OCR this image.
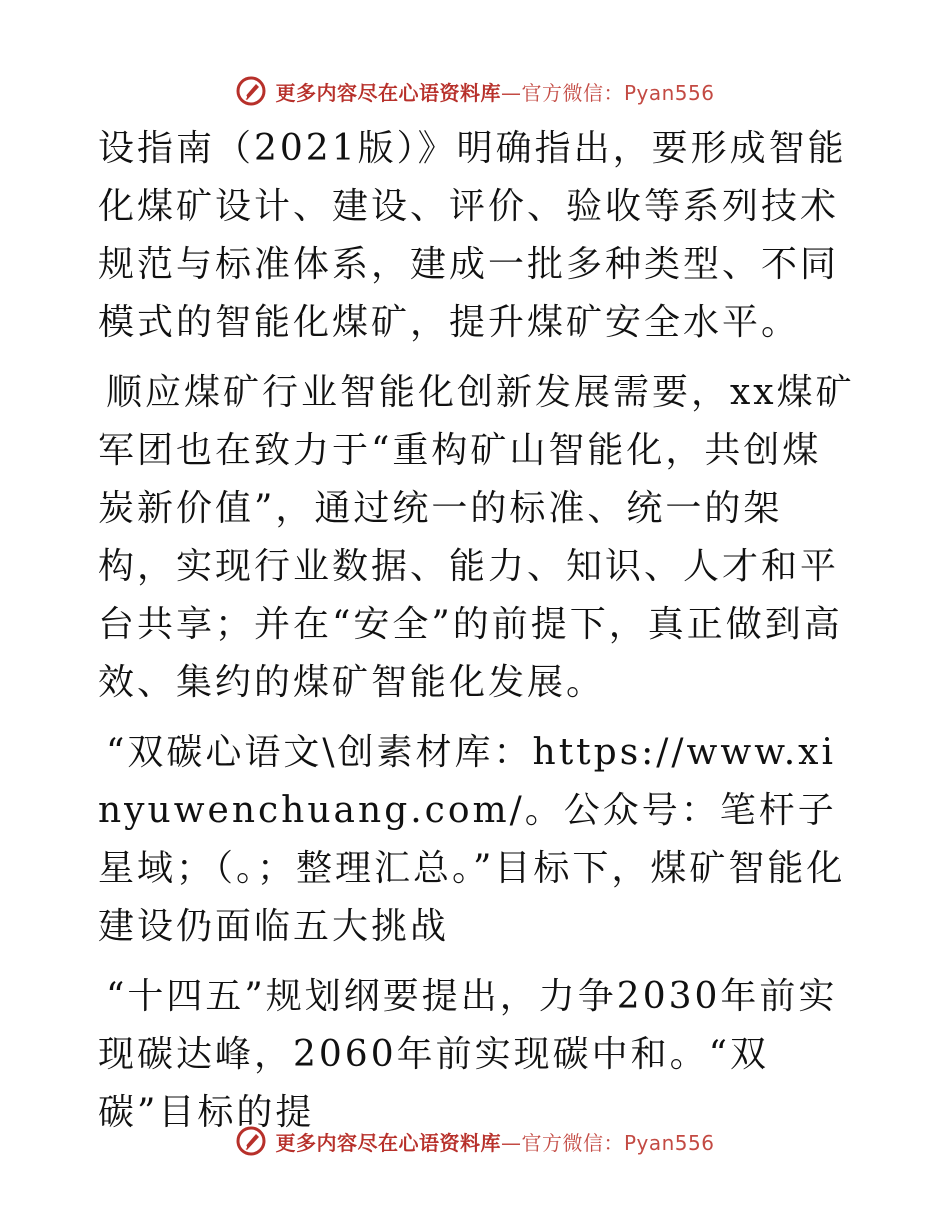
更多内容尽在心语资料库—官方微信：Pyan556

设指南（2021版）》明确指出，要形成智能化煤矿设计、建设、评价、验收等系列技术规范与标准体系，建成一批多种类型、不同模式的智能化煤矿，提升煤矿安全水平。

顺应煤矿行业智能化创新发展需要，xx煤矿军团也在致力于“重构矿山智能化，共创煤炭新价值”，通过统一的标准、统一的架构，实现行业数据、能力、知识、人才和平台共享；并在“安全”的前提下，真正做到高效、集约的煤矿智能化发展。

“双碳心语文\创素材库：https://www.xinyuwenchuang.com/。公众号：笔杆子星域；（。；整理汇总。”目标下，煤矿智能化建设仍面临五大挑战

“十四五”规划纲要提出，力争2030年前实现碳达峰，2060年前实现碳中和。“双碳”目标的提

更多内容尽在心语资料库—官方微信：Pyan556
